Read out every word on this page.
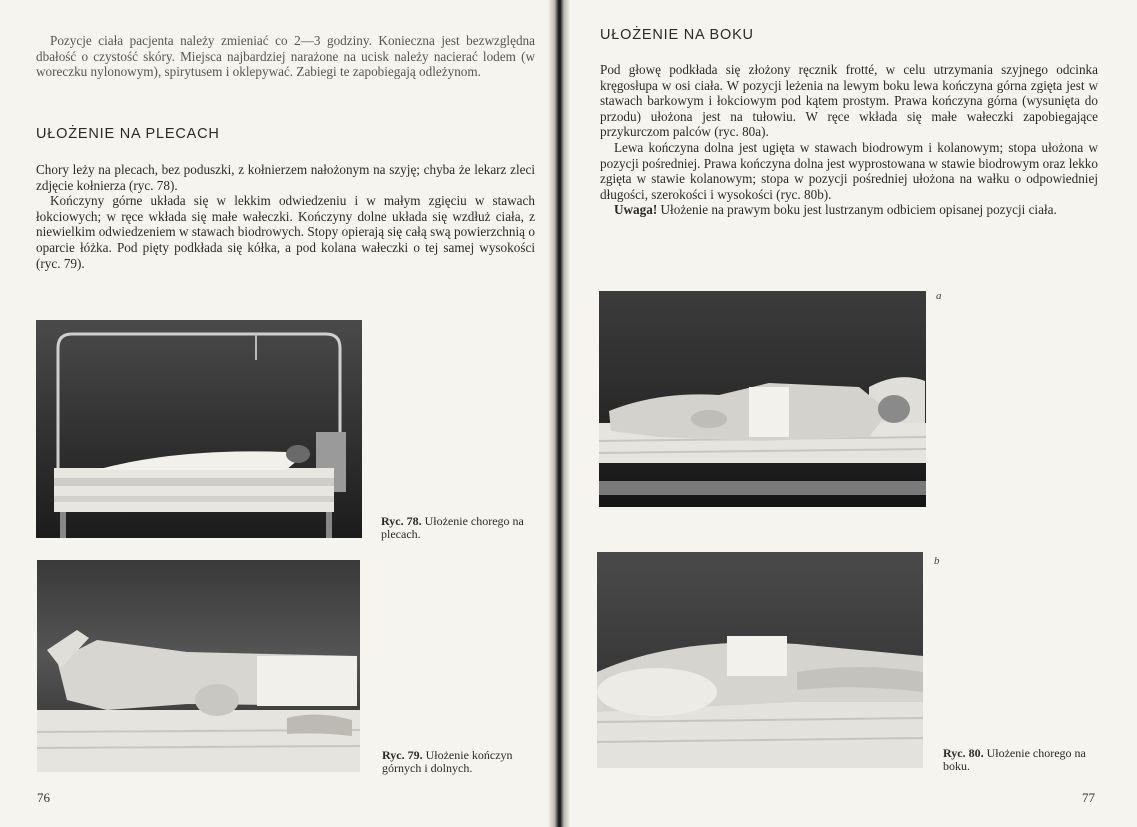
Pozycje ciała pacjenta należy zmieniać co 2—3 godziny. Konieczna jest bezwzględna dbałość o czystość skóry. Miejsca najbardziej narażone na ucisk należy nacierać lodem (w woreczku nylonowym), spirytusem i oklepywać. Zabiegi te zapobiegają odleżynom.

UŁOŻENIE NA PLECACH

Chory leży na plecach, bez poduszki, z kołnierzem nałożonym na szyję; chyba że lekarz zleci zdjęcie kołnierza (ryc. 78).

Kończyny górne układa się w lekkim odwiedzeniu i w małym zgięciu w stawach łokciowych; w ręce wkłada się małe wałeczki. Kończyny dolne układa się wzdłuż ciała, z niewielkim odwiedzeniem w stawach biodrowych. Stopy opierają się całą swą powierzchnią o oparcie łóżka. Pod pięty podkłada się kółka, a pod kolana wałeczki o tej samej wysokości (ryc. 79).

Ryc. 78. Ułożenie chorego na plecach.
Ryc. 79. Ułożenie kończyn górnych i dolnych.
76
UŁOŻENIE NA BOKU

Pod głowę podkłada się złożony ręcznik frotté, w celu utrzymania szyjnego odcinka kręgosłupa w osi ciała. W pozycji leżenia na lewym boku lewa kończyna górna zgięta jest w stawach barkowym i łokciowym pod kątem prostym. Prawa kończyna górna (wysunięta do przodu) ułożona jest na tułowiu. W ręce wkłada się małe wałeczki zapobiegające przykurczom palców (ryc. 80a).

Lewa kończyna dolna jest ugięta w stawach biodrowym i kolanowym; stopa ułożona w pozycji pośredniej. Prawa kończyna dolna jest wyprostowana w stawie biodrowym oraz lekko zgięta w stawie kolanowym; stopa w pozycji pośredniej ułożona na wałku o odpowiedniej długości, szerokości i wysokości (ryc. 80b).

Uwaga! Ułożenie na prawym boku jest lustrzanym odbiciem opisanej pozycji ciała.

a
b
Ryc. 80. Ułożenie chorego na boku.
77
